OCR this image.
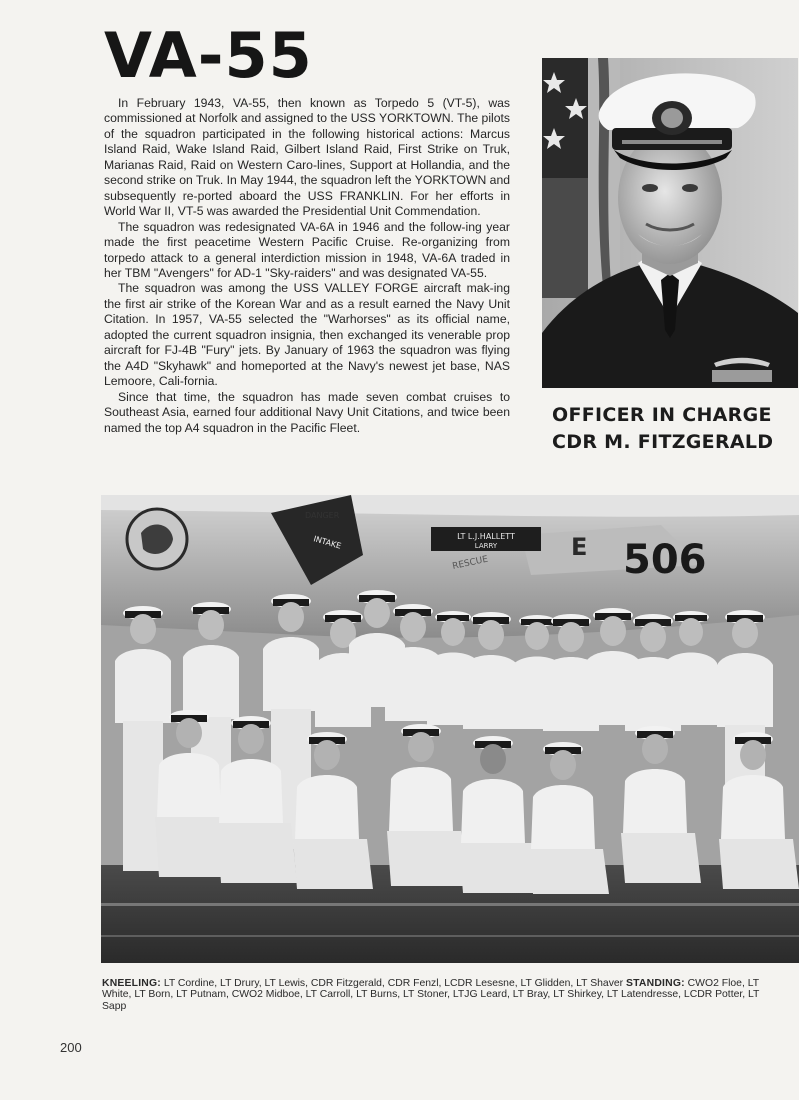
VA-55

In February 1943, VA-55, then known as Torpedo 5 (VT-5), was commissioned at Norfolk and assigned to the USS YORKTOWN. The pilots of the squadron participated in the following historical actions: Marcus Island Raid, Wake Island Raid, Gilbert Island Raid, First Strike on Truk, Marianas Raid, Raid on Western Caro-lines, Support at Hollandia, and the second strike on Truk. In May 1944, the squadron left the YORKTOWN and subsequently re-ported aboard the USS FRANKLIN. For her efforts in World War II, VT-5 was awarded the Presidential Unit Commendation.

The squadron was redesignated VA-6A in 1946 and the follow-ing year made the first peacetime Western Pacific Cruise. Re-organizing from torpedo attack to a general interdiction mission in 1948, VA-6A traded in her TBM "Avengers" for AD-1 "Sky-raiders" and was designated VA-55.

The squadron was among the USS VALLEY FORGE aircraft mak-ing the first air strike of the Korean War and as a result earned the Navy Unit Citation. In 1957, VA-55 selected the "Warhorses" as its official name, adopted the current squadron insignia, then exchanged its venerable prop aircraft for FJ-4B "Fury" jets. By January of 1963 the squadron was flying the A4D "Skyhawk" and homeported at the Navy's newest jet base, NAS Lemoore, Cali-fornia.

Since that time, the squadron has made seven combat cruises to Southeast Asia, earned four additional Navy Unit Citations, and twice been named the top A4 squadron in the Pacific Fleet.

OFFICER IN CHARGE
CDR M. FITZGERALD
LT L.J.HALLETT
LARRY
DANGER
INTAKE
RESCUE
E 506
KNEELING: LT Cordine, LT Drury, LT Lewis, CDR Fitzgerald, CDR Fenzl, LCDR Lesesne, LT Glidden, LT Shaver STANDING: CWO2 Floe, LT White, LT Born, LT Putnam, CWO2 Midboe, LT Carroll, LT Burns, LT Stoner, LTJG Leard, LT Bray, LT Shirkey, LT Latendresse, LCDR Potter, LT Sapp
200
